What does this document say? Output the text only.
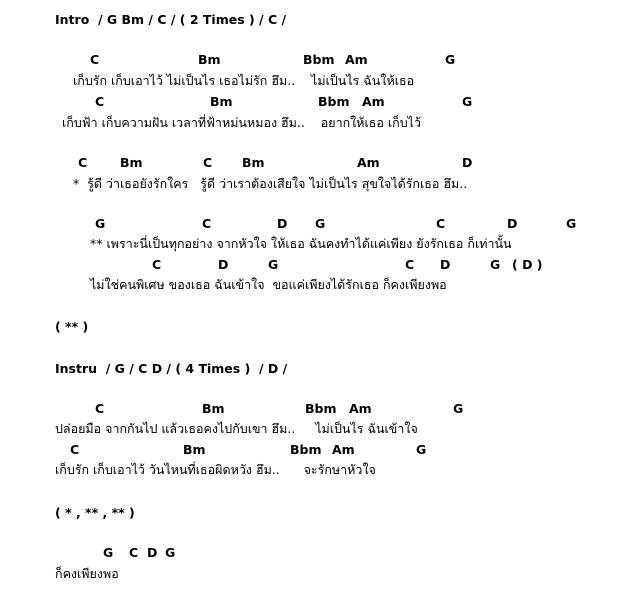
Intro  / G Bm / C / ( 2 Times ) / C /
C	Bm	Bbm Am	G
เก็บรัก เก็บเอาไว้ ไม่เป็นไร เธอไม่รัก ฮึม..    ไม่เป็นไร ฉันให้เธอ
C	Bm	Bbm Am	G
เก็บฟ้า เก็บความฝัน เวลาที่ฟ้าหม่นหมอง ฮึม..    อยากให้เธอ เก็บไว้
C	Bm	C Bm	Am	D
*  รู้ดี ว่าเธอยังรักใคร   รู้ดี ว่าเราต้องเสียใจ ไม่เป็นไร สุขใจได้รักเธอ ฮึม..
G	C	D G	C	D	G
** เพราะนี่เป็นทุกอย่าง จากหัวใจ ให้เธอ ฉันคงทำได้แค่เพียง ยังรักเธอ ก็เท่านั้น
C	D	G	C D	G ( D )
ไม่ใช่คนพิเศษ ของเธอ ฉันเข้าใจ  ขอแค่เพียงได้รักเธอ ก็คงเพียงพอ
( ** )
Instru  / G / C D / ( 4 Times )  / D /
C	Bm	Bbm Am	G
ปล่อยมือ จากกันไป แล้วเธอคงไปกับเขา ฮึม..     ไม่เป็นไร ฉันเข้าใจ
C	Bm	Bbm Am	G
เก็บรัก เก็บเอาไว้ วันไหนที่เธอผิดหวัง ฮึม..      จะรักษาหัวใจ
( * , ** , ** )
G C D G
ก็คงเพียงพอ
